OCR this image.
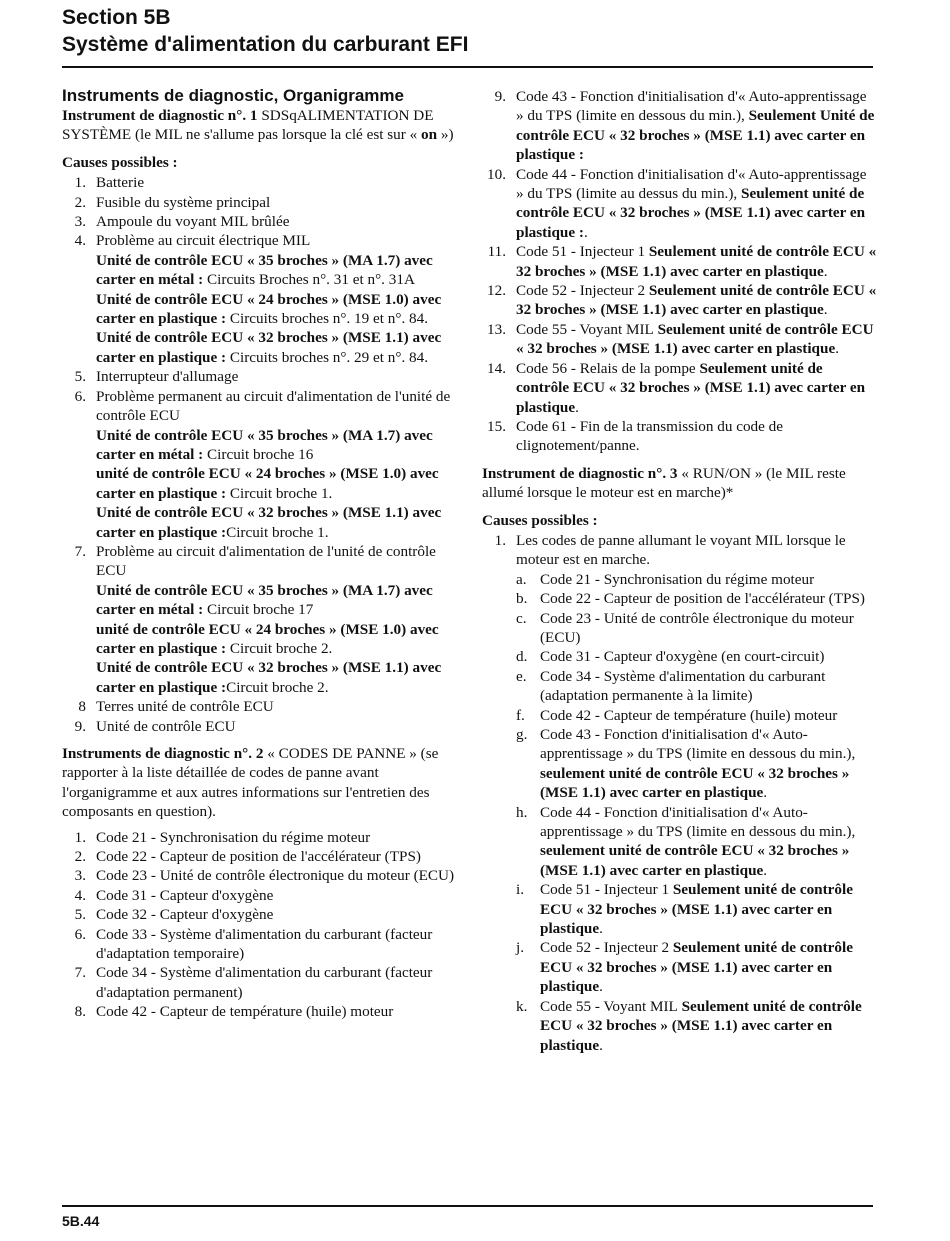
Section 5B
Système d'alimentation du carburant EFI
Instruments de diagnostic, Organigramme

Instrument de diagnostic n°. 1 SDSqALIMENTATION DE SYSTÈME (le MIL ne s'allume pas lorsque la clé est sur « on »)

Causes possibles :

1. Batterie
2. Fusible du système principal
3. Ampoule du voyant MIL brûlée
4. Problème au circuit électrique MIL
Unité de contrôle ECU « 35 broches » (MA 1.7) avec carter en métal : Circuits Broches n°. 31 et n°. 31A
Unité de contrôle ECU « 24 broches » (MSE 1.0) avec carter en plastique : Circuits broches n°. 19 et n°. 84.
Unité de contrôle ECU « 32 broches » (MSE 1.1) avec carter en plastique : Circuits broches n°. 29 et n°. 84.
5. Interrupteur d'allumage
6. Problème permanent au circuit d'alimentation de l'unité de contrôle ECU
Unité de contrôle ECU « 35 broches » (MA 1.7) avec carter en métal : Circuit broche 16
unité de contrôle ECU « 24 broches » (MSE 1.0) avec carter en plastique : Circuit broche 1.
Unité de contrôle ECU « 32 broches » (MSE 1.1) avec carter en plastique :Circuit broche 1.
7. Problème au circuit d'alimentation de l'unité de contrôle ECU
Unité de contrôle ECU « 35 broches » (MA 1.7) avec carter en métal : Circuit broche 17
unité de contrôle ECU « 24 broches » (MSE 1.0) avec carter en plastique : Circuit broche 2.
Unité de contrôle ECU « 32 broches » (MSE 1.1) avec carter en plastique :Circuit broche 2.
8 Terres unité de contrôle ECU
9. Unité de contrôle ECU

Instruments de diagnostic n°. 2 « CODES DE PANNE » (se rapporter à la liste détaillée de codes de panne avant l'organigramme et aux autres informations sur l'entretien des composants en question).

1. Code 21 - Synchronisation du régime moteur
2. Code 22 - Capteur de position de l'accélérateur (TPS)
3. Code 23 - Unité de contrôle électronique du moteur (ECU)
4. Code 31 - Capteur d'oxygène
5. Code 32 - Capteur d'oxygène
6. Code 33 - Système d'alimentation du carburant (facteur d'adaptation temporaire)
7. Code 34 - Système d'alimentation du carburant (facteur d'adaptation permanent)
8. Code 42 - Capteur de température (huile) moteur
9. Code 43 - Fonction d'initialisation d'« Auto-apprentissage » du TPS (limite en dessous du min.), Seulement Unité de contrôle ECU « 32 broches » (MSE 1.1) avec carter en plastique :
10. Code 44 - Fonction d'initialisation d'« Auto-apprentissage » du TPS (limite au dessus du min.), Seulement unité de contrôle ECU « 32 broches » (MSE 1.1) avec carter en plastique :.
11. Code 51 - Injecteur 1 Seulement unité de contrôle ECU « 32 broches » (MSE 1.1) avec carter en plastique.
12. Code 52 - Injecteur 2 Seulement unité de contrôle ECU « 32 broches » (MSE 1.1) avec carter en plastique.
13. Code 55 - Voyant MIL Seulement unité de contrôle ECU « 32 broches » (MSE 1.1) avec carter en plastique.
14. Code 56 - Relais de la pompe Seulement unité de contrôle ECU « 32 broches » (MSE 1.1) avec carter en plastique.
15. Code 61 - Fin de la transmission du code de clignotement/panne.

Instrument de diagnostic n°. 3 « RUN/ON » (le MIL reste allumé lorsque le moteur est en marche)*

Causes possibles :

1. Les codes de panne allumant le voyant MIL lorsque le moteur est en marche.
a. Code 21 - Synchronisation du régime moteur
b. Code 22 - Capteur de position de l'accélérateur (TPS)
c. Code 23 - Unité de contrôle électronique du moteur (ECU)
d. Code 31 - Capteur d'oxygène (en court-circuit)
e. Code 34 - Système d'alimentation du carburant (adaptation permanente à la limite)
f. Code 42 - Capteur de température (huile) moteur
g. Code 43 - Fonction d'initialisation d'« Auto-apprentissage » du TPS (limite en dessous du min.), seulement unité de contrôle ECU « 32 broches » (MSE 1.1) avec carter en plastique.
h. Code 44 - Fonction d'initialisation d'« Auto-apprentissage » du TPS (limite en dessous du min.), seulement unité de contrôle ECU « 32 broches » (MSE 1.1) avec carter en plastique.
i. Code 51 - Injecteur 1 Seulement unité de contrôle ECU « 32 broches » (MSE 1.1) avec carter en plastique.
j. Code 52 - Injecteur 2 Seulement unité de contrôle ECU « 32 broches » (MSE 1.1) avec carter en plastique.
k. Code 55 - Voyant MIL Seulement unité de contrôle ECU « 32 broches » (MSE 1.1) avec carter en plastique.
5B.44
